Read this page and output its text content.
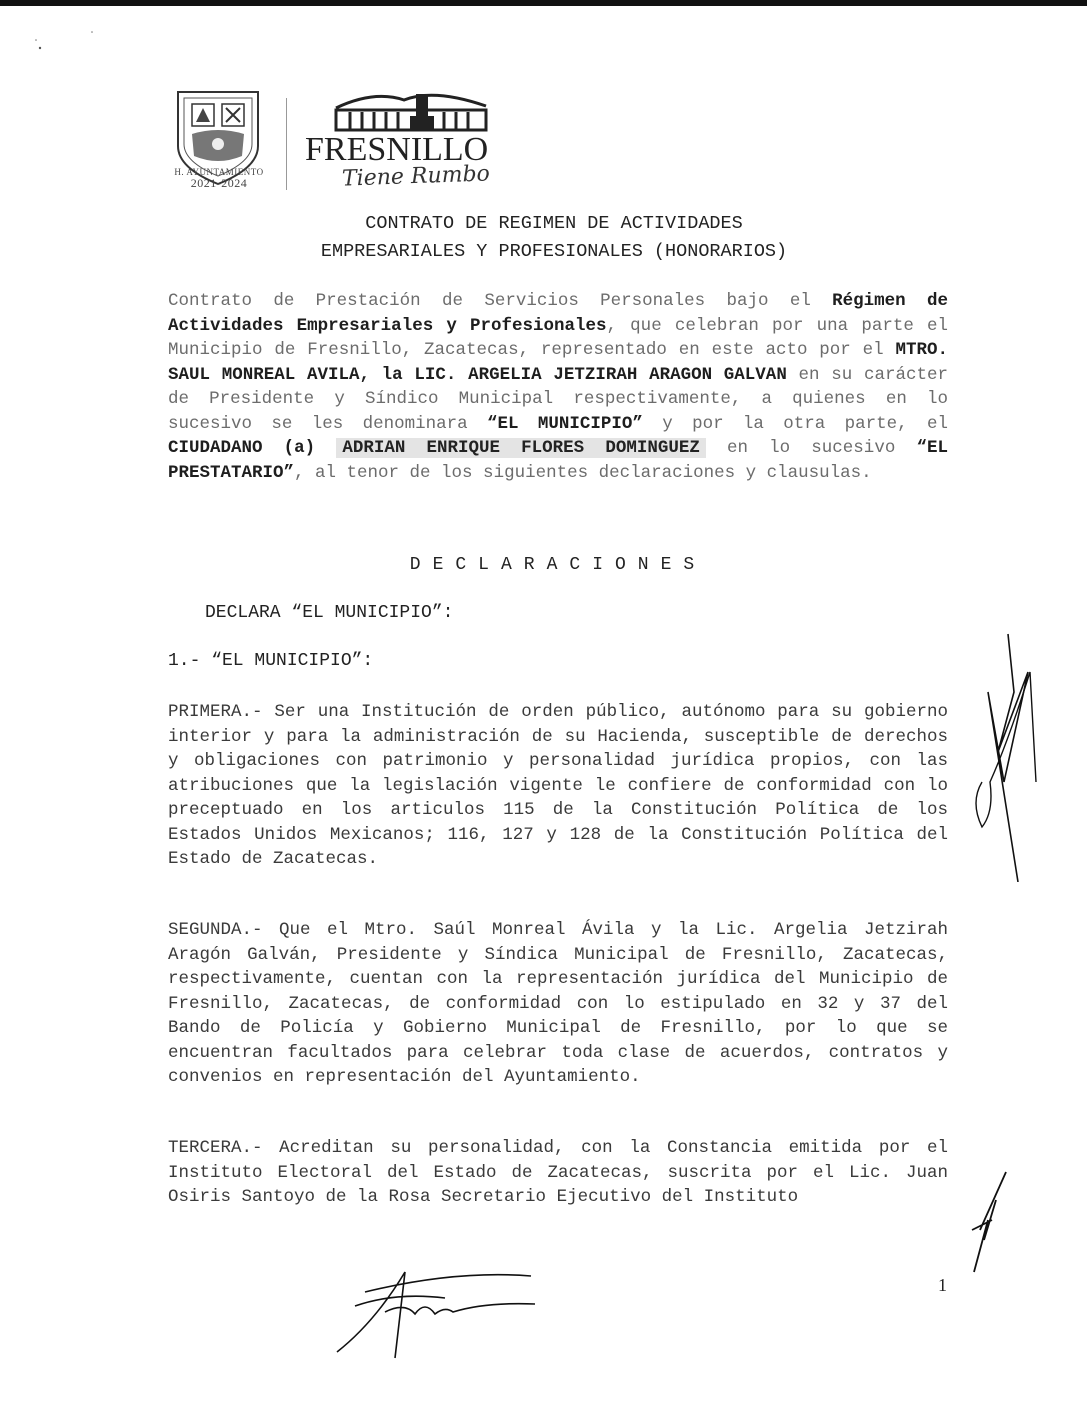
H. AYUNTAMIENTO
2021-2024
FRESNILLO
Tiene Rumbo
CONTRATO DE REGIMEN DE ACTIVIDADES
EMPRESARIALES Y PROFESIONALES (HONORARIOS)
Contrato de Prestación de Servicios Personales bajo el Régimen de Actividades Empresariales y Profesionales, que celebran por una parte el Municipio de Fresnillo, Zacatecas, representado en este acto por el MTRO. SAUL MONREAL AVILA, la LIC. ARGELIA JETZIRAH ARAGON GALVAN en su carácter de Presidente y Síndico Municipal respectivamente, a quienes en lo sucesivo se les denominara “EL MUNICIPIO” y por la otra parte, el CIUDADANO (a) ADRIAN ENRIQUE FLORES DOMINGUEZ en lo sucesivo “EL PRESTATARIO”, al tenor de los siguientes declaraciones y clausulas.
DECLARACIONES
DECLARA “EL MUNICIPIO”:
1.- “EL MUNICIPIO”:
PRIMERA.- Ser una Institución de orden público, autónomo para su gobierno interior y para la administración de su Hacienda, susceptible de derechos y obligaciones con patrimonio y personalidad jurídica propios, con las atribuciones que la legislación vigente le confiere de conformidad con lo preceptuado en los articulos 115 de la Constitución Política de los Estados Unidos Mexicanos; 116, 127 y 128 de la Constitución Política del Estado de Zacatecas.
SEGUNDA.- Que el Mtro. Saúl Monreal Ávila y la Lic. Argelia Jetzirah Aragón Galván, Presidente y Síndica Municipal de Fresnillo, Zacatecas, respectivamente, cuentan con la representación jurídica del Municipio de Fresnillo, Zacatecas, de conformidad con lo estipulado en 32 y 37 del Bando de Policía y Gobierno Municipal de Fresnillo, por lo que se encuentran facultados para celebrar toda clase de acuerdos, contratos y convenios en representación del Ayuntamiento.
TERCERA.- Acreditan su personalidad, con la Constancia emitida por el Instituto Electoral del Estado de Zacatecas, suscrita por el Lic. Juan Osiris Santoyo de la Rosa Secretario Ejecutivo del Instituto
1
